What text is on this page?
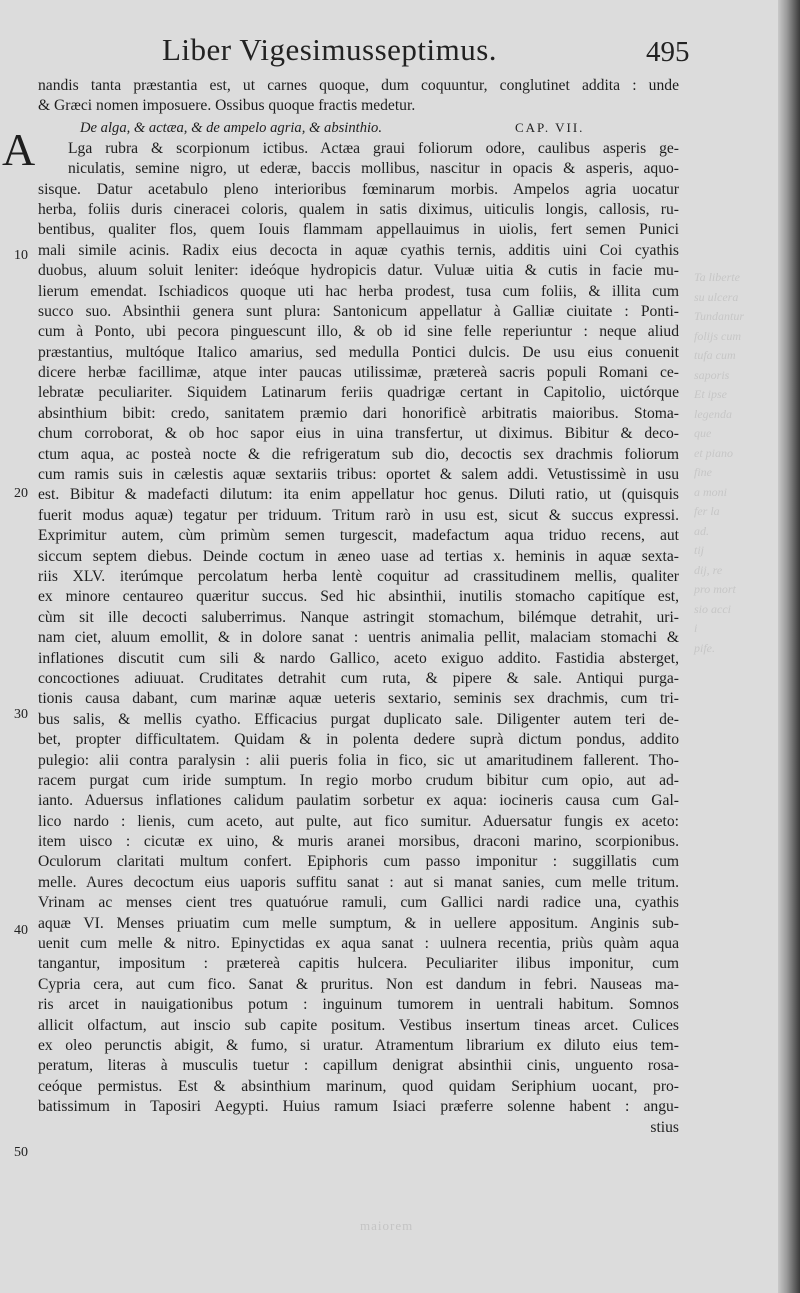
Ta liberte
su ulcera
Tundantur
folijs cum
tufa cum
saporis
Et ipse
legenda
que
et piano
fine
a moni
fer la
ad.
tij
dij, re
pro mort
sio acci
i
pife.
maiorem
Liber Vigesimusseptimus.	495
A
10
20
30
40
50
nandis tanta præstantia est, ut carnes quoque, dum coquuntur, conglutinet addita : unde
& Græci nomen imposuere. Ossibus quoque fractis medetur.
De alga, & actæa, & de ampelo agria, & absinthio.	CAP. VII.
Lga rubra & scorpionum ictibus. Actæa graui foliorum odore, caulibus asperis ge-
niculatis, semine nigro, ut ederæ, baccis mollibus, nascitur in opacis & asperis, aquo-
sisque. Datur acetabulo pleno interioribus fœminarum morbis. Ampelos agria uocatur
herba, foliis duris cineracei coloris, qualem in satis diximus, uiticulis longis, callosis, ru-
bentibus, qualiter flos, quem Iouis flammam appellauimus in uiolis, fert semen Punici
mali simile acinis. Radix eius decocta in aquæ cyathis ternis, additis uini Coi cyathis
duobus, aluum soluit leniter: ideóque hydropicis datur. Vuluæ uitia & cutis in facie mu-
lierum emendat. Ischiadicos quoque uti hac herba prodest, tusa cum foliis, & illita cum
succo suo. Absinthii genera sunt plura: Santonicum appellatur à Galliæ ciuitate : Ponti-
cum à Ponto, ubi pecora pinguescunt illo, & ob id sine felle reperiuntur : neque aliud
præstantius, multóque Italico amarius, sed medulla Pontici dulcis. De usu eius conuenit
dicere herbæ facillimæ, atque inter paucas utilissimæ, prætereà sacris populi Romani ce-
lebratæ peculiariter. Siquidem Latinarum feriis quadrigæ certant in Capitolio, uictórque
absinthium bibit: credo, sanitatem præmio dari honorificè arbitratis maioribus. Stoma-
chum corroborat, & ob hoc sapor eius in uina transfertur, ut diximus. Bibitur & deco-
ctum aqua, ac posteà nocte & die refrigeratum sub dio, decoctis sex drachmis foliorum
cum ramis suis in cælestis aquæ sextariis tribus: oportet & salem addi. Vetustissimè in usu
est. Bibitur & madefacti dilutum: ita enim appellatur hoc genus. Diluti ratio, ut (quisquis
fuerit modus aquæ) tegatur per triduum. Tritum rarò in usu est, sicut & succus expressi.
Exprimitur autem, cùm primùm semen turgescit, madefactum aqua triduo recens, aut
siccum septem diebus. Deinde coctum in æneo uase ad tertias x. heminis in aquæ sexta-
riis XLV. iterúmque percolatum herba lentè coquitur ad crassitudinem mellis, qualiter
ex minore centaureo quæritur succus. Sed hic absinthii, inutilis stomacho capitíque est,
cùm sit ille decocti saluberrimus. Nanque astringit stomachum, bilémque detrahit, uri-
nam ciet, aluum emollit, & in dolore sanat : uentris animalia pellit, malaciam stomachi &
inflationes discutit cum sili & nardo Gallico, aceto exiguo addito. Fastidia absterget,
concoctiones adiuuat. Cruditates detrahit cum ruta, & pipere & sale. Antiqui purga-
tionis causa dabant, cum marinæ aquæ ueteris sextario, seminis sex drachmis, cum tri-
bus salis, & mellis cyatho. Efficacius purgat duplicato sale. Diligenter autem teri de-
bet, propter difficultatem. Quidam & in polenta dedere suprà dictum pondus, addito
pulegio: alii contra paralysin : alii pueris folia in fico, sic ut amaritudinem fallerent. Tho-
racem purgat cum iride sumptum. In regio morbo crudum bibitur cum opio, aut ad-
ianto. Aduersus inflationes calidum paulatim sorbetur ex aqua: iocineris causa cum Gal-
lico nardo : lienis, cum aceto, aut pulte, aut fico sumitur. Aduersatur fungis ex aceto:
item uisco : cicutæ ex uino, & muris aranei morsibus, draconi marino, scorpionibus.
Oculorum claritati multum confert. Epiphoris cum passo imponitur : suggillatis cum
melle. Aures decoctum eius uaporis suffitu sanat : aut si manat sanies, cum melle tritum.
Vrinam ac menses cient tres quatuórue ramuli, cum Gallici nardi radice una, cyathis
aquæ VI. Menses priuatim cum melle sumptum, & in uellere appositum. Anginis sub-
uenit cum melle & nitro. Epinyctidas ex aqua sanat : uulnera recentia, priùs quàm aqua
tangantur, impositum : prætereà capitis hulcera. Peculiariter ilibus imponitur, cum
Cypria cera, aut cum fico. Sanat & pruritus. Non est dandum in febri. Nauseas ma-
ris arcet in nauigationibus potum : inguinum tumorem in uentrali habitum. Somnos
allicit olfactum, aut inscio sub capite positum. Vestibus insertum tineas arcet. Culices
ex oleo perunctis abigit, & fumo, si uratur. Atramentum librarium ex diluto eius tem-
peratum, literas à musculis tuetur : capillum denigrat absinthii cinis, unguento rosa-
ceóque permistus. Est & absinthium marinum, quod quidam Seriphium uocant, pro-
batissimum in Taposiri Aegypti. Huius ramum Isiaci præferre solenne habent : angu-
stius
